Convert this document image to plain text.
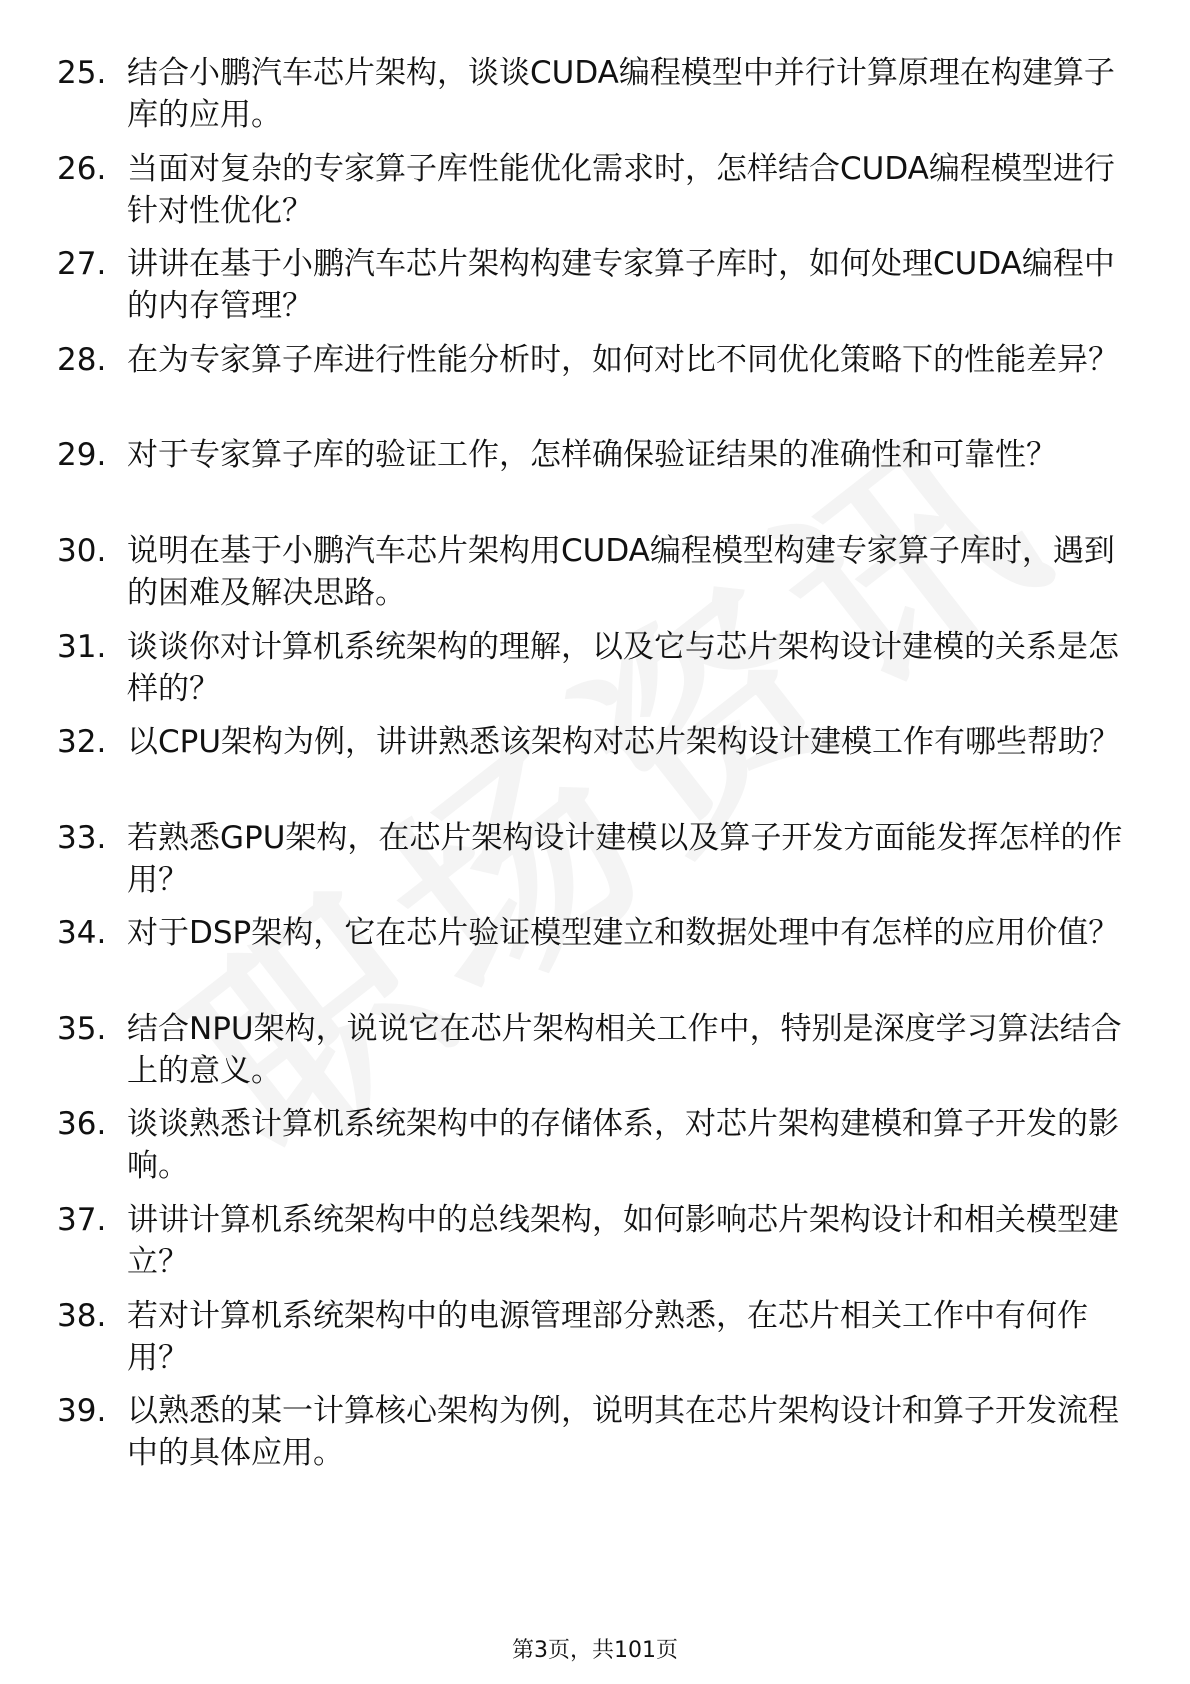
25. 结合小鹏汽车芯片架构，谈谈CUDA编程模型中并行计算原理在构建算子库的应用。
26. 当面对复杂的专家算子库性能优化需求时，怎样结合CUDA编程模型进行针对性优化？
27. 讲讲在基于小鹏汽车芯片架构构建专家算子库时，如何处理CUDA编程中的内存管理？
28. 在为专家算子库进行性能分析时，如何对比不同优化策略下的性能差异？
29. 对于专家算子库的验证工作，怎样确保验证结果的准确性和可靠性？
30. 说明在基于小鹏汽车芯片架构用CUDA编程模型构建专家算子库时，遇到的困难及解决思路。
31. 谈谈你对计算机系统架构的理解，以及它与芯片架构设计建模的关系是怎样的？
32. 以CPU架构为例，讲讲熟悉该架构对芯片架构设计建模工作有哪些帮助？
33. 若熟悉GPU架构，在芯片架构设计建模以及算子开发方面能发挥怎样的作用？
34. 对于DSP架构，它在芯片验证模型建立和数据处理中有怎样的应用价值？
35. 结合NPU架构，说说它在芯片架构相关工作中，特别是深度学习算法结合上的意义。
36. 谈谈熟悉计算机系统架构中的存储体系，对芯片架构建模和算子开发的影响。
37. 讲讲计算机系统架构中的总线架构，如何影响芯片架构设计和相关模型建立？
38. 若对计算机系统架构中的电源管理部分熟悉，在芯片相关工作中有何作用？
39. 以熟悉的某一计算核心架构为例，说明其在芯片架构设计和算子开发流程中的具体应用。
第3页，共101页
